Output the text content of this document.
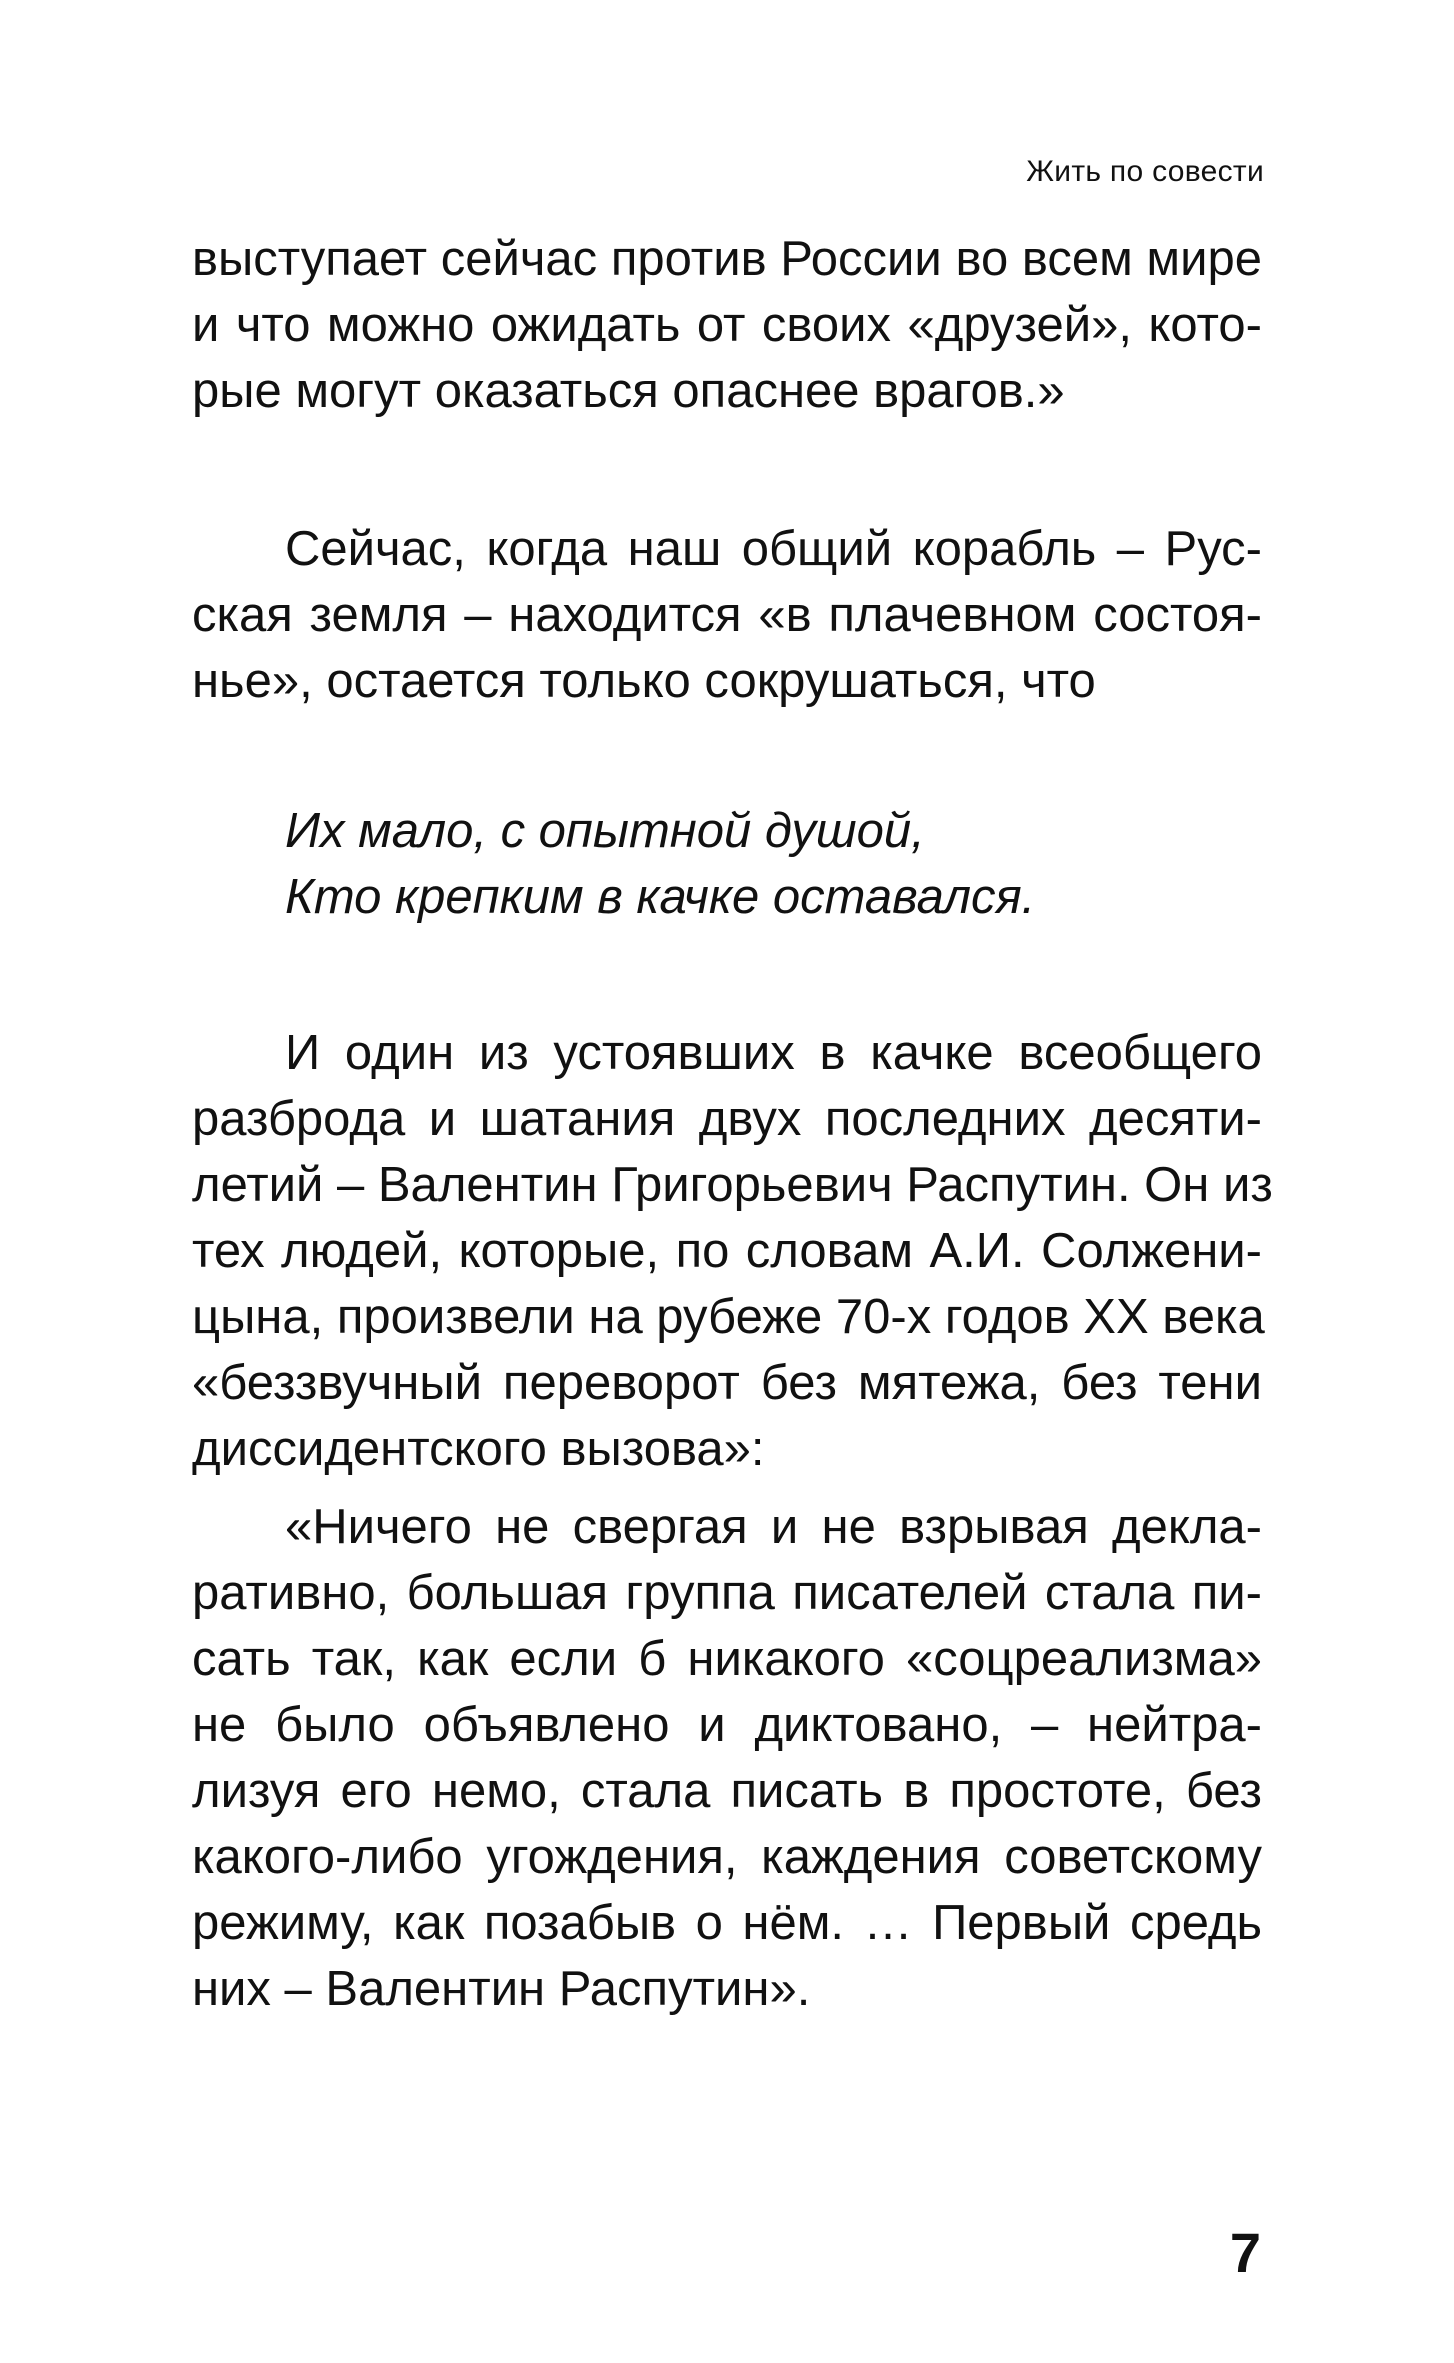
Жить по совести
выступает сейчас против России во всем мире
и что можно ожидать от своих «друзей», кото-
рые могут оказаться опаснее врагов.»
Сейчас, когда наш общий корабль – Рус-
ская земля – находится «в плачевном состоя-
нье», остается только сокрушаться, что
Их мало, с опытной душой,
Кто крепким в качке оставался.
И один из устоявших в качке всеобщего
разброда и шатания двух последних десяти-
летий – Валентин Григорьевич Распутин. Он из
тех людей, которые, по словам А.И. Солжени-
цына, произвели на рубеже 70-х годов XX века
«беззвучный переворот без мятежа, без тени
диссидентского вызова»:
«Ничего не свергая и не взрывая декла-
ративно, большая группа писателей стала пи-
сать так, как если б никакого «соцреализма»
не было объявлено и диктовано, – нейтра-
лизуя его немо, стала писать в простоте, без
какого-либо угождения, каждения советскому
режиму, как позабыв о нём. … Первый средь
них – Валентин Распутин».
7
